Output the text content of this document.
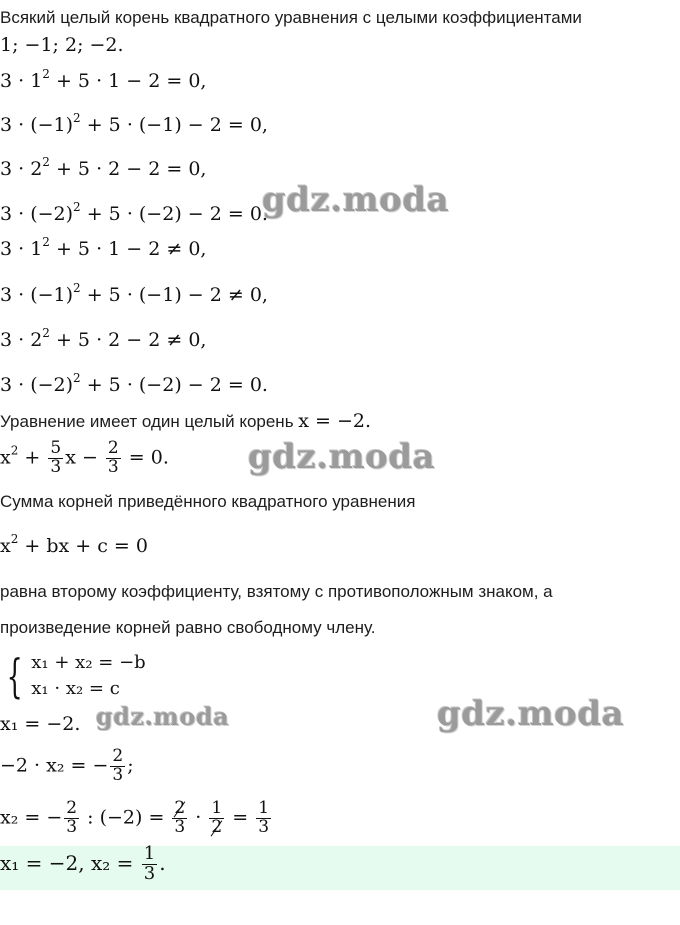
Всякий целый корень квадратного уравнения с целыми коэффициентами
1; −1; 2; −2.
$3 \cdot 1^2 + 5 \cdot 1 - 2 = 0$,
$3 \cdot (-1)^2 + 5 \cdot (-1) - 2 = 0$,
$3 \cdot 2^2 + 5 \cdot 2 - 2 = 0$,
$3 \cdot (-2)^2 + 5 \cdot (-2) - 2 = 0$.
$3 \cdot 1^2 + 5 \cdot 1 - 2 \ne 0$,
$3 \cdot (-1)^2 + 5 \cdot (-1) - 2 \ne 0$,
$3 \cdot 2^2 + 5 \cdot 2 - 2 \ne 0$,
$3 \cdot (-2)^2 + 5 \cdot (-2) - 2 = 0$.
Уравнение имеет один целый корень x = −2.
$x^2 + \frac{5}{3}$ $x - \frac{2}{3} = 0$.
Сумма корней приведённого квадратного уравнения
$x^2$ + bx + c = 0
равна второму коэффициенту, взятому с противоположным знаком, а
произведение корней равно свободному члену.
{ x₁ + x₂ = −b
x₁ · x₂ = c
x₁ = −2.
−2 · x₂ = − $\frac{2}{3}$ ;
x₂ = − $\frac{2}{3}$ : $(-2) = \frac{2}{3} \cdot \frac{1}{2} = \frac{1}{3}$
x₁ = −2, $x_2 = \frac{1}{3}$ .
gdz.moda
gdz.moda
gdz.moda	gdz.moda
